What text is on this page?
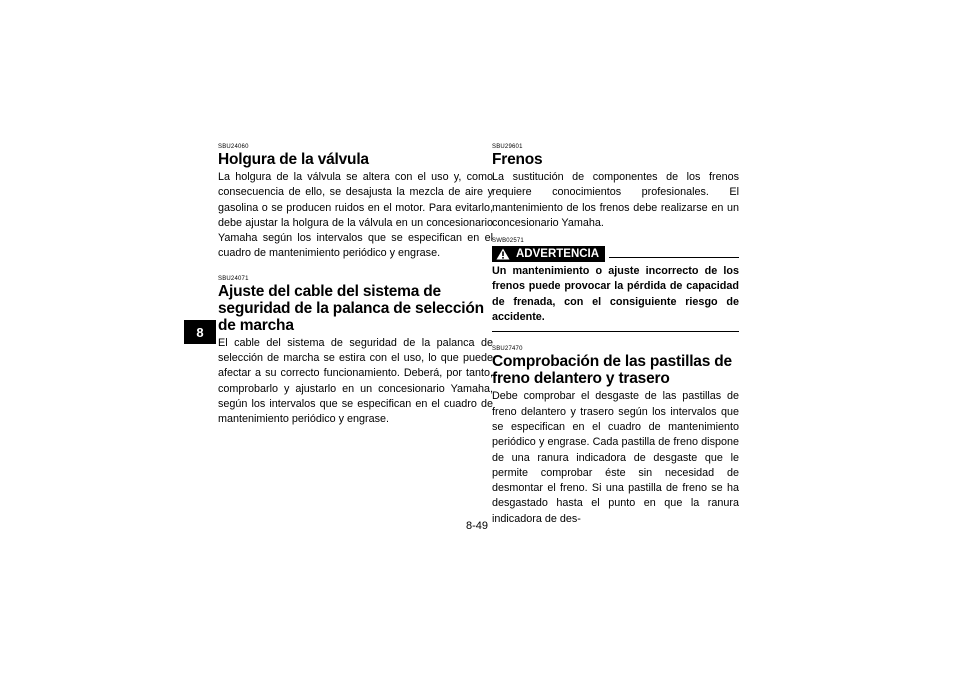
8

SBU24060

Holgura de la válvula

La holgura de la válvula se altera con el uso y, como consecuencia de ello, se desajusta la mezcla de aire y gasolina o se producen ruidos en el motor. Para evitarlo, debe ajustar la holgura de la válvula en un concesionario Yamaha según los intervalos que se especifican en el cuadro de mantenimiento periódico y engrase.

SBU24071

Ajuste del cable del sistema de seguridad de la palanca de selección de marcha

El cable del sistema de seguridad de la palanca de selección de marcha se estira con el uso, lo que puede afectar a su correcto funcionamiento. Deberá, por tanto, comprobarlo y ajustarlo en un concesionario Yamaha, según los intervalos que se especifican en el cuadro de mantenimiento periódico y engrase.

SBU29601

Frenos

La sustitución de componentes de los frenos requiere conocimientos profesionales. El mantenimiento de los frenos debe realizarse en un concesionario Yamaha.

SWB02571

ADVERTENCIA

Un mantenimiento o ajuste incorrecto de los frenos puede provocar la pérdida de capacidad de frenada, con el consiguiente riesgo de accidente.

SBU27470

Comprobación de las pastillas de freno delantero y trasero

Debe comprobar el desgaste de las pastillas de freno delantero y trasero según los intervalos que se especifican en el cuadro de mantenimiento periódico y engrase. Cada pastilla de freno dispone de una ranura indicadora de desgaste que le permite comprobar éste sin necesidad de desmontar el freno. Si una pastilla de freno se ha desgastado hasta el punto en que la ranura indicadora de des-

8-49
